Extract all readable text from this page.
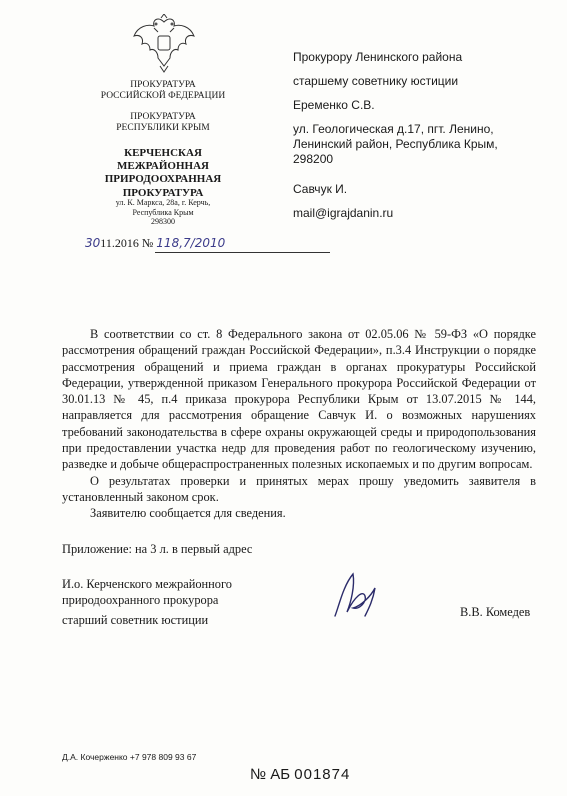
ПРОКУРАТУРА
РОССИЙСКОЙ ФЕДЕРАЦИИ
ПРОКУРАТУРА
РЕСПУБЛИКИ КРЫМ
КЕРЧЕНСКАЯ
МЕЖРАЙОННАЯ
ПРИРОДООХРАННАЯ
ПРОКУРАТУРА
ул. К. Маркса, 28а, г. Керчь,
Республика Крым
298300
3011.2016 № 118,7/2010
Прокурору Ленинского района
старшему советнику юстиции
Еременко С.В.
ул. Геологическая д.17, пгт. Ленино,
Ленинский район, Республика Крым,
298200
Савчук И.
mail@igrajdanin.ru

В соответствии со ст. 8 Федерального закона от 02.05.06 № 59-ФЗ «О порядке рассмотрения обращений граждан Российской Федерации», п.3.4 Инструкции о порядке рассмотрения обращений и приема граждан в органах прокуратуры Российской Федерации, утвержденной приказом Генерального прокурора Российской Федерации от 30.01.13 № 45, п.4 приказа прокурора Республики Крым от 13.07.2015 № 144, направляется для рассмотрения обращение Савчук И. о возможных нарушениях требований законодательства в сфере охраны окружающей среды и природопользования при предоставлении участка недр для проведения работ по геологическому изучению, разведке и добыче общераспространенных полезных ископаемых и по другим вопросам.

О результатах проверки и принятых мерах прошу уведомить заявителя в установленный законом срок.

Заявителю сообщается для сведения.

Приложение: на 3 л. в первый адрес
И.о. Керченского межрайонного
природоохранного прокурора
старший советник юстиции
В.В. Комедев
Д.А. Кочерженко +7 978 809 93 67
№ АБ 001874
